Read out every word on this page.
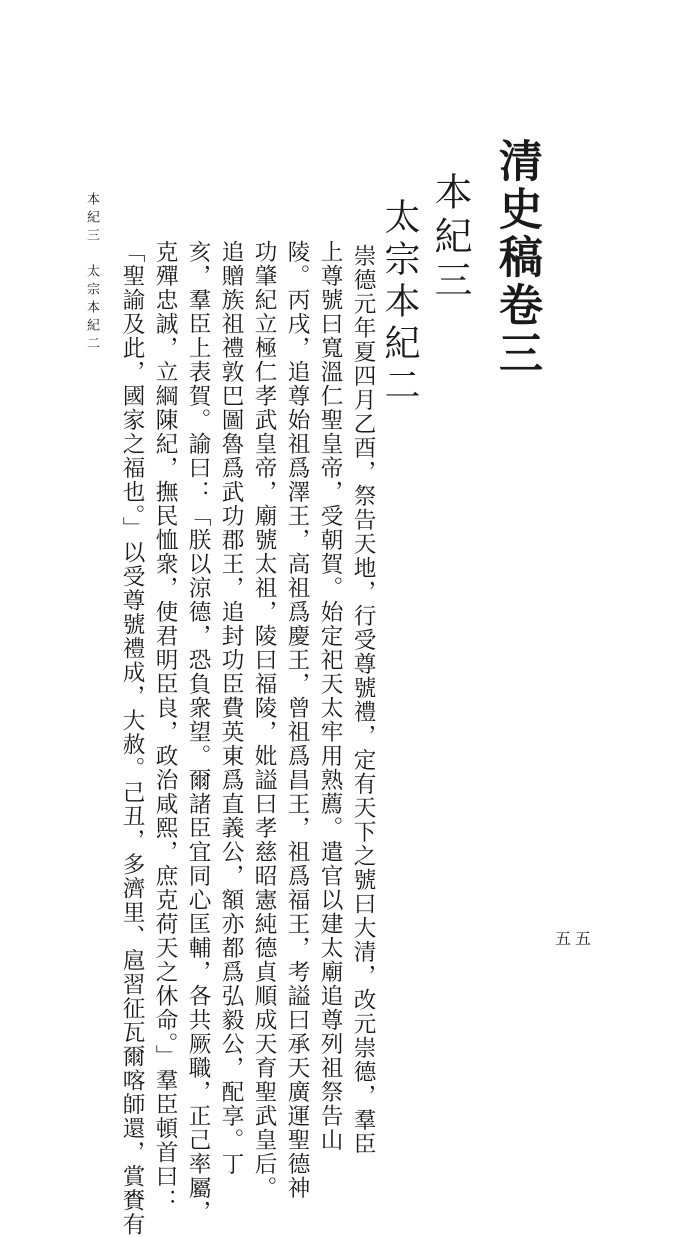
清史稿卷三
本紀三
太宗本紀二
崇德元年夏四月乙酉，祭告天地，行受尊號禮，定有天下之號曰大清，改元崇德，羣臣
上尊號曰寬溫仁聖皇帝，受朝賀。始定祀天太牢用熟薦。遣官以建太廟追尊列祖祭告山
陵。丙戌，追尊始祖爲澤王，高祖爲慶王，曾祖爲昌王，祖爲福王，考謚曰承天廣運聖德神
功肇紀立極仁孝武皇帝，廟號太祖，陵曰福陵，妣謚曰孝慈昭憲純德貞順成天育聖武皇后。
追贈族祖禮敦巴圖魯爲武功郡王，追封功臣費英東爲直義公，額亦都爲弘毅公，配享。丁
亥，羣臣上表賀。諭曰：「朕以涼德，恐負衆望。爾諸臣宜同心匡輔，各共厥職，正己率屬，
克殫忠誠，立綱陳紀，撫民恤衆，使君明臣良，政治咸熙，庶克荷天之休命。」羣臣頓首曰：
「聖諭及此，國家之福也。」以受尊號禮成，大赦。己丑，多濟里、扈習征瓦爾喀師還，賞賚有
本紀三　太宗本紀二
五五
